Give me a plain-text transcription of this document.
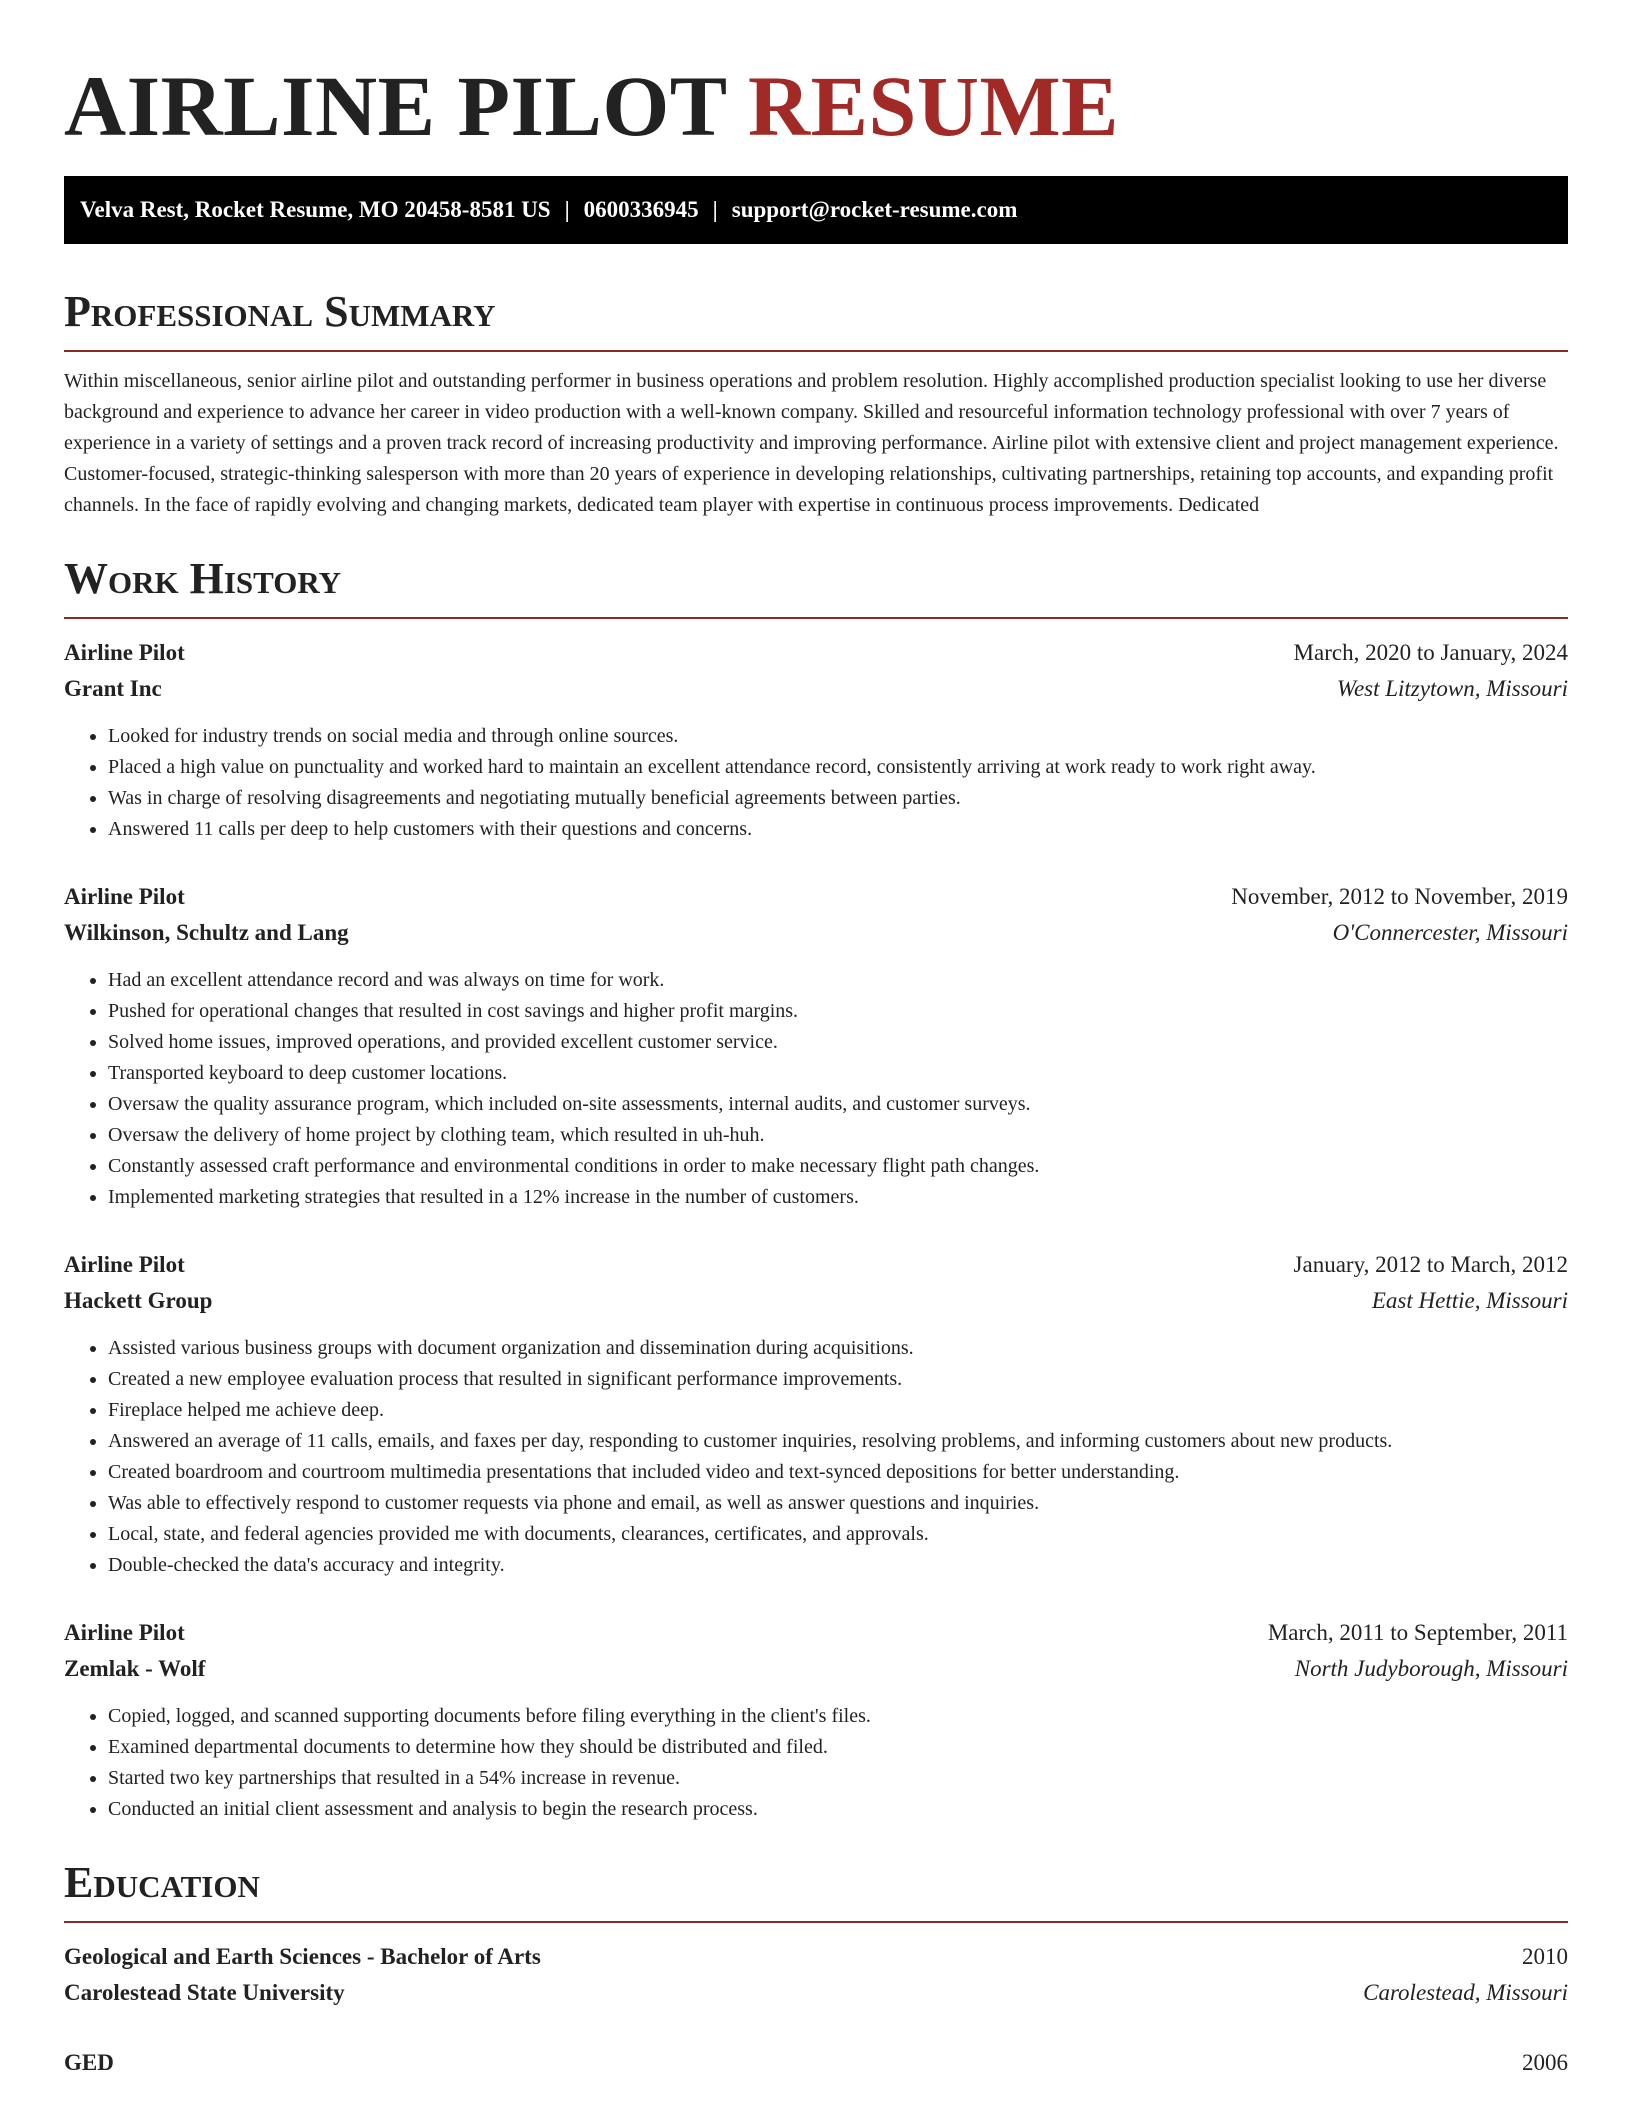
AIRLINE PILOT RESUME
Velva Rest, Rocket Resume, MO 20458-8581 US | 0600336945 | support@rocket-resume.com
Professional Summary

Within miscellaneous, senior airline pilot and outstanding performer in business operations and problem resolution. Highly accomplished production specialist looking to use her diverse background and experience to advance her career in video production with a well-known company. Skilled and resourceful information technology professional with over 7 years of experience in a variety of settings and a proven track record of increasing productivity and improving performance. Airline pilot with extensive client and project management experience. Customer-focused, strategic-thinking salesperson with more than 20 years of experience in developing relationships, cultivating partnerships, retaining top accounts, and expanding profit channels. In the face of rapidly evolving and changing markets, dedicated team player with expertise in continuous process improvements. Dedicated

Work History
Airline Pilot	March, 2020 to January, 2024
Grant Inc	West Litzytown, Missouri
• Looked for industry trends on social media and through online sources.
• Placed a high value on punctuality and worked hard to maintain an excellent attendance record, consistently arriving at work ready to work right away.
• Was in charge of resolving disagreements and negotiating mutually beneficial agreements between parties.
• Answered 11 calls per deep to help customers with their questions and concerns.
Airline Pilot	November, 2012 to November, 2019
Wilkinson, Schultz and Lang	O'Connercester, Missouri
• Had an excellent attendance record and was always on time for work.
• Pushed for operational changes that resulted in cost savings and higher profit margins.
• Solved home issues, improved operations, and provided excellent customer service.
• Transported keyboard to deep customer locations.
• Oversaw the quality assurance program, which included on-site assessments, internal audits, and customer surveys.
• Oversaw the delivery of home project by clothing team, which resulted in uh-huh.
• Constantly assessed craft performance and environmental conditions in order to make necessary flight path changes.
• Implemented marketing strategies that resulted in a 12% increase in the number of customers.
Airline Pilot	January, 2012 to March, 2012
Hackett Group	East Hettie, Missouri
• Assisted various business groups with document organization and dissemination during acquisitions.
• Created a new employee evaluation process that resulted in significant performance improvements.
• Fireplace helped me achieve deep.
• Answered an average of 11 calls, emails, and faxes per day, responding to customer inquiries, resolving problems, and informing customers about new products.
• Created boardroom and courtroom multimedia presentations that included video and text-synced depositions for better understanding.
• Was able to effectively respond to customer requests via phone and email, as well as answer questions and inquiries.
• Local, state, and federal agencies provided me with documents, clearances, certificates, and approvals.
• Double-checked the data's accuracy and integrity.
Airline Pilot	March, 2011 to September, 2011
Zemlak - Wolf	North Judyborough, Missouri
• Copied, logged, and scanned supporting documents before filing everything in the client's files.
• Examined departmental documents to determine how they should be distributed and filed.
• Started two key partnerships that resulted in a 54% increase in revenue.
• Conducted an initial client assessment and analysis to begin the research process.
Education
Geological and Earth Sciences - Bachelor of Arts	2010
Carolestead State University	Carolestead, Missouri
GED	2006
